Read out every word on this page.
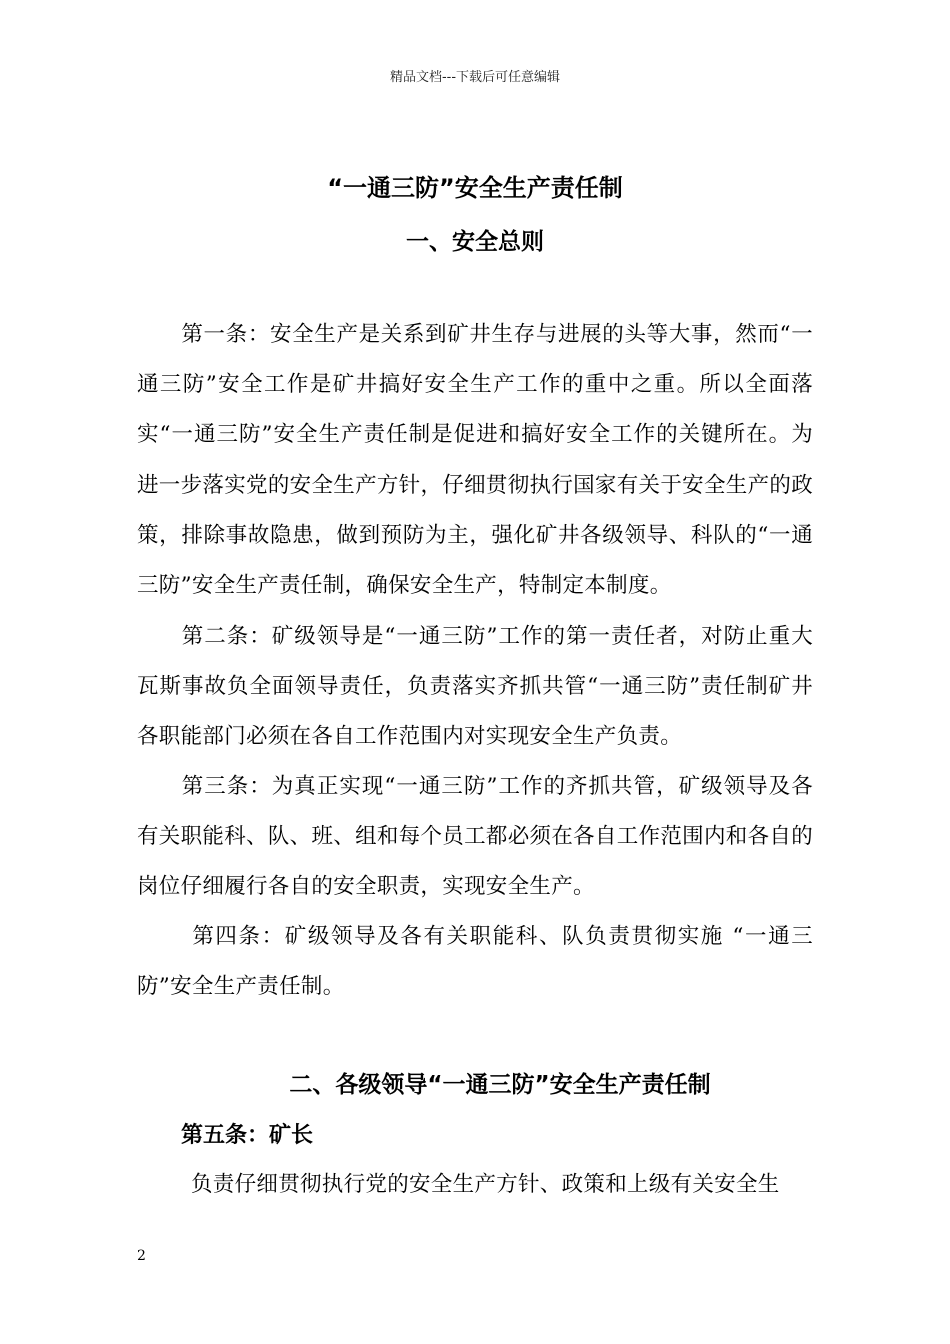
精品文档---下载后可任意编辑
“一通三防”安全生产责任制
一、安全总则
第一条：安全生产是关系到矿井生存与进展的头等大事，然而“一通三防”安全工作是矿井搞好安全生产工作的重中之重。所以全面落实“一通三防”安全生产责任制是促进和搞好安全工作的关键所在。为进一步落实党的安全生产方针，仔细贯彻执行国家有关于安全生产的政策，排除事故隐患，做到预防为主，强化矿井各级领导、科队的“一通三防”安全生产责任制，确保安全生产，特制定本制度。
第二条：矿级领导是“一通三防”工作的第一责任者，对防止重大瓦斯事故负全面领导责任，负责落实齐抓共管“一通三防”责任制矿井各职能部门必须在各自工作范围内对实现安全生产负责。
第三条：为真正实现“一通三防”工作的齐抓共管，矿级领导及各有关职能科、队、班、组和每个员工都必须在各自工作范围内和各自的岗位仔细履行各自的安全职责，实现安全生产。
第四条：矿级领导及各有关职能科、队负责贯彻实施 “一通三防”安全生产责任制。
二、各级领导“一通三防”安全生产责任制
第五条：矿长
负责仔细贯彻执行党的安全生产方针、政策和上级有关安全生
2
